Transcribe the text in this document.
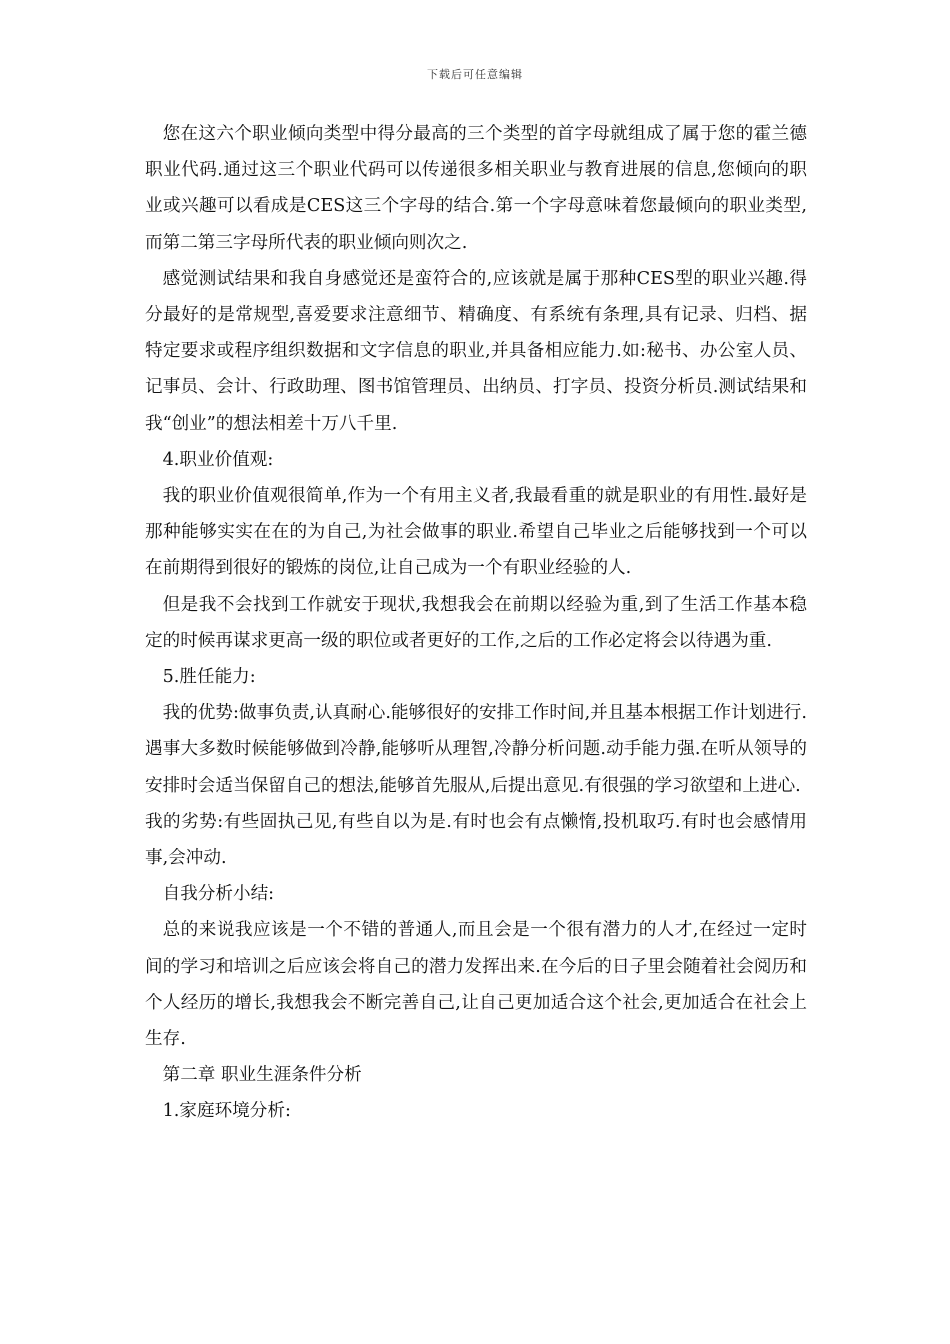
下载后可任意编辑

您在这六个职业倾向类型中得分最高的三个类型的首字母就组成了属于您的霍兰德职业代码.通过这三个职业代码可以传递很多相关职业与教育进展的信息,您倾向的职业或兴趣可以看成是CES这三个字母的结合.第一个字母意味着您最倾向的职业类型,而第二第三字母所代表的职业倾向则次之.

感觉测试结果和我自身感觉还是蛮符合的,应该就是属于那种CES型的职业兴趣.得分最好的是常规型,喜爱要求注意细节、精确度、有系统有条理,具有记录、归档、据特定要求或程序组织数据和文字信息的职业,并具备相应能力.如:秘书、办公室人员、记事员、会计、行政助理、图书馆管理员、出纳员、打字员、投资分析员.测试结果和我“创业”的想法相差十万八千里.

4.职业价值观:

我的职业价值观很简单,作为一个有用主义者,我最看重的就是职业的有用性.最好是那种能够实实在在的为自己,为社会做事的职业.希望自己毕业之后能够找到一个可以在前期得到很好的锻炼的岗位,让自己成为一个有职业经验的人.

但是我不会找到工作就安于现状,我想我会在前期以经验为重,到了生活工作基本稳定的时候再谋求更高一级的职位或者更好的工作,之后的工作必定将会以待遇为重.

5.胜任能力:

我的优势:做事负责,认真耐心.能够很好的安排工作时间,并且基本根据工作计划进行.遇事大多数时候能够做到冷静,能够听从理智,冷静分析问题.动手能力强.在听从领导的安排时会适当保留自己的想法,能够首先服从,后提出意见.有很强的学习欲望和上进心.

我的劣势:有些固执己见,有些自以为是.有时也会有点懒惰,投机取巧.有时也会感情用事,会冲动.

自我分析小结:

总的来说我应该是一个不错的普通人,而且会是一个很有潜力的人才,在经过一定时间的学习和培训之后应该会将自己的潜力发挥出来.在今后的日子里会随着社会阅历和个人经历的增长,我想我会不断完善自己,让自己更加适合这个社会,更加适合在社会上生存.

第二章 职业生涯条件分析

1.家庭环境分析:
